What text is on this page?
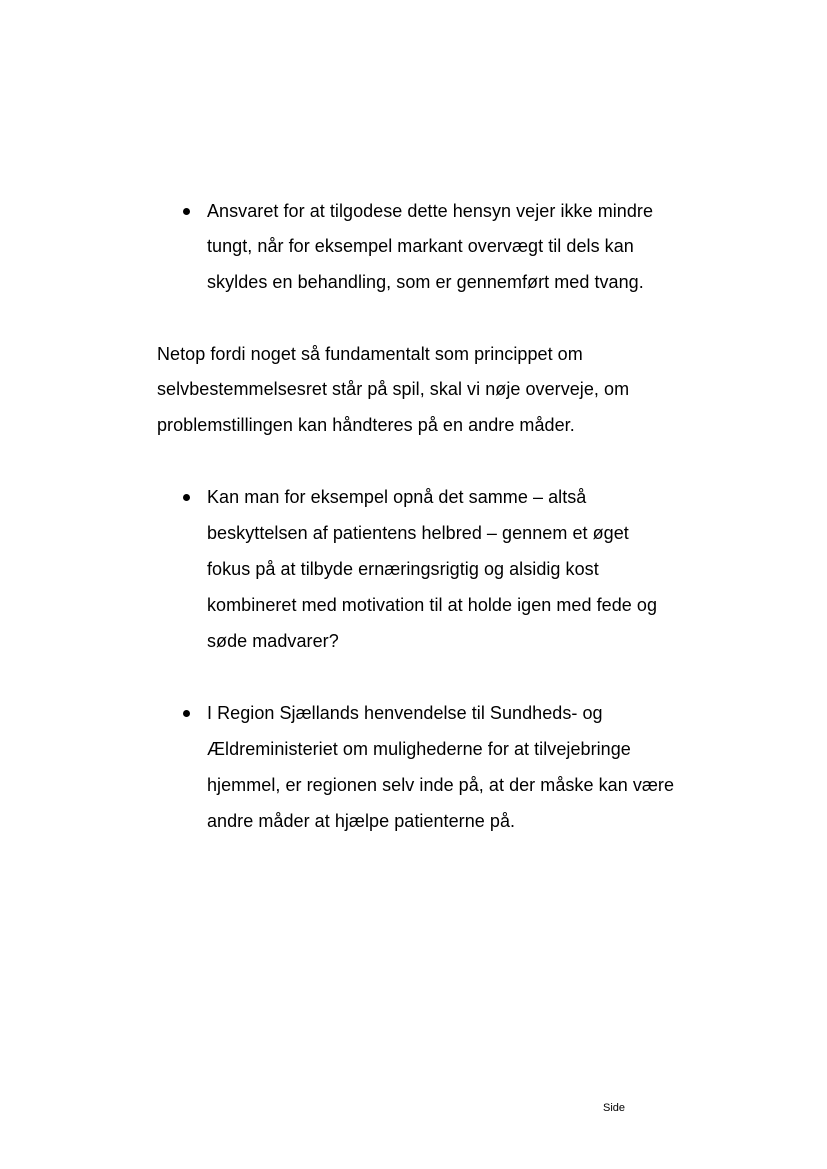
Ansvaret for at tilgodese dette hensyn vejer ikke mindre
tungt, når for eksempel markant overvægt til dels kan
skyldes en behandling, som er gennemført med tvang.
Netop fordi noget så fundamentalt som princippet om
selvbestemmelsesret står på spil, skal vi nøje overveje, om
problemstillingen kan håndteres på en andre måder.
Kan man for eksempel opnå det samme – altså
beskyttelsen af patientens helbred – gennem et øget
fokus på at tilbyde ernæringsrigtig og alsidig kost
kombineret med motivation til at holde igen med fede og
søde madvarer?
I Region Sjællands henvendelse til Sundheds- og
Ældreministeriet om mulighederne for at tilvejebringe
hjemmel, er regionen selv inde på, at der måske kan være
andre måder at hjælpe patienterne på.
Side
